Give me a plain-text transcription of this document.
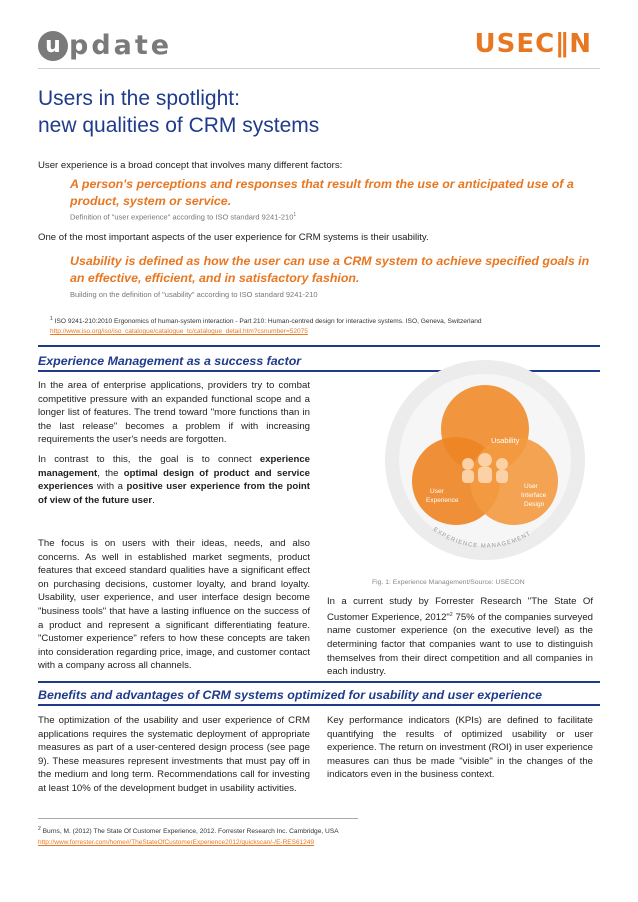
u pdate	USEC∥N
Users in the spotlight:
new qualities of CRM systems
User experience is a broad concept that involves many different factors:
A person's perceptions and responses that result from the use or anticipated use of a product, system or service.
Definition of "user experience" according to ISO standard $9241-210^1$
One of the most important aspects of the user experience for CRM systems is their usability.
Usability is defined as how the user can use a CRM system to achieve specified goals in an effective, efficient, and in satisfactory fashion.
Building on the definition of "usability" according to ISO standard 9241-210
$^1$ ISO 9241-210:2010 Ergonomics of human-system interaction - Part 210: Human-centred design for interactive systems. ISO, Geneva, Switzerland
http://www.iso.org/iso/iso_catalogue/catalogue_tc/catalogue_detail.htm?csnumber=52075
Experience Management as a success factor
In the area of enterprise applications, providers try to combat competitive pressure with an expanded functional scope and a longer list of features. The trend toward "more functions than in the last release" becomes a problem if with increasing requirements the user's needs are forgotten.
In contrast to this, the goal is to connect experience management, the optimal design of product and service experiences with a positive user experience from the point of view of the future user.
The focus is on users with their ideas, needs, and also concerns. As well in established market segments, product features that exceed standard qualities have a significant effect on purchasing decisions, customer loyalty, and brand loyalty. Usability, user experience, and user interface design become "business tools" that have a lasting influence on the success of a product and represent a significant differentiating feature. "Customer experience" refers to how these concepts are taken into consideration regarding price, image, and customer contact with a company across all channels.
Usability
User
Experience
User
Interface
Design
EXPERIENCE MANAGEMENT
Fig. 1: Experience Management/Source: USECON
In a current study by Forrester Research "The State Of Customer Experience, 2012"$^2$ 75% of the companies surveyed name customer experience (on the executive level) as the determining factor that companies want to use to distinguish themselves from their direct competition and all companies in each industry.
Benefits and advantages of CRM systems optimized for usability and user experience
The optimization of the usability and user experience of CRM applications requires the systematic deployment of appropriate measures as part of a user-centered design process (see page 9). These measures represent investments that must pay off in the medium and long term. Recommendations call for investing at least 10% of the development budget in usability activities.
Key performance indicators (KPIs) are defined to facilitate quantifying the results of optimized usability or user experience. The return on investment (ROI) in user experience measures can thus be made "visible" in the changes of the indicators even in the business context.
$^2$ Burns, M. (2012) The State Of Customer Experience, 2012. Forrester Research Inc. Cambridge, USA
http://www.forrester.com/home#/TheStateOfCustomerExperience2012/quickscan/-/E-RES61249
